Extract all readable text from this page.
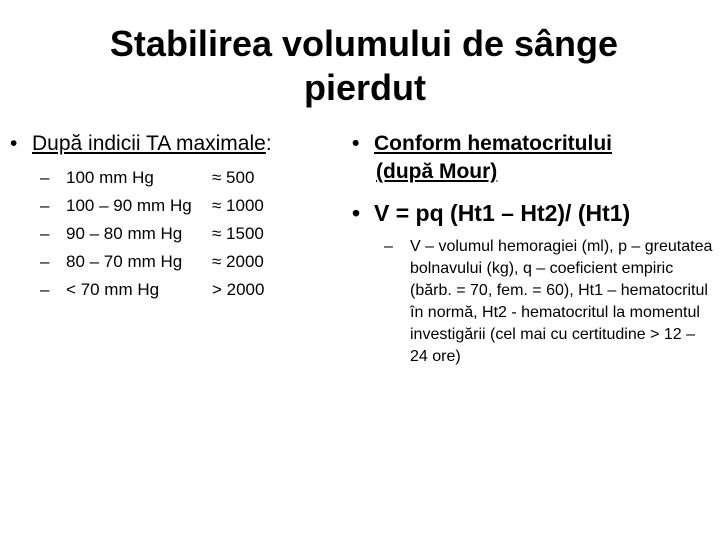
Stabilirea volumului de sânge
pierdut
• După indicii TA maximale:
– 100 mm Hg	≈ 500
– 100 – 90 mm Hg ≈ 1000
– 90 – 80 mm Hg ≈ 1500
– 80 – 70 mm Hg ≈ 2000
– < 70 mm Hg	> 2000
• Conform hematocritului
(după Mour)
• V = pq (Ht1 – Ht2)/ (Ht1)
–	V – volumul hemoragiei (ml), p – greutatea bolnavului (kg), q – coeficient empiric (bărb. = 70, fem. = 60), Ht1 – hematocritul în normă, Ht2 - hematocritul la momentul investigării (cel mai cu certitudine > 12 – 24 ore)
